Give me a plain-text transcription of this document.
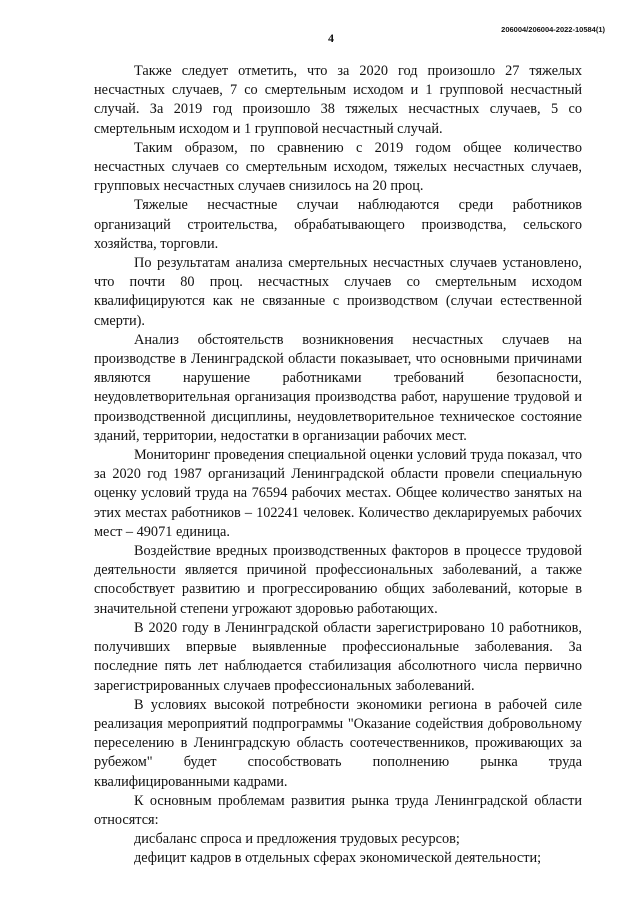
4
206004/206004-2022-10584(1)

Также следует отметить, что за 2020 год произошло 27 тяжелых несчастных случаев, 7 со смертельным исходом и 1 групповой несчастный случай. За 2019 год произошло 38 тяжелых несчастных случаев, 5 со смертельным исходом и 1 групповой несчастный случай.

Таким образом, по сравнению с 2019 годом общее количество несчастных случаев со смертельным исходом, тяжелых несчастных случаев, групповых несчастных случаев снизилось на 20 проц.

Тяжелые несчастные случаи наблюдаются среди работников организаций строительства, обрабатывающего производства, сельского хозяйства, торговли.

По результатам анализа смертельных несчастных случаев установлено, что почти 80 проц. несчастных случаев со смертельным исходом квалифицируются как не связанные с производством (случаи естественной смерти).

Анализ обстоятельств возникновения несчастных случаев на производстве в Ленинградской области показывает, что основными причинами являются нарушение работниками требований безопасности, неудовлетворительная организация производства работ, нарушение трудовой и производственной дисциплины, неудовлетворительное техническое состояние зданий, территории, недостатки в организации рабочих мест.

Мониторинг проведения специальной оценки условий труда показал, что за 2020 год 1987 организаций Ленинградской области провели специальную оценку условий труда на 76594 рабочих местах. Общее количество занятых на этих местах работников – 102241 человек. Количество декларируемых рабочих мест – 49071 единица.

Воздействие вредных производственных факторов в процессе трудовой деятельности является причиной профессиональных заболеваний, а также способствует развитию и прогрессированию общих заболеваний, которые в значительной степени угрожают здоровью работающих.

В 2020 году в Ленинградской области зарегистрировано 10 работников, получивших впервые выявленные профессиональные заболевания. За последние пять лет наблюдается стабилизация абсолютного числа первично зарегистрированных случаев профессиональных заболеваний.

В условиях высокой потребности экономики региона в рабочей силе реализация мероприятий подпрограммы "Оказание содействия добровольному переселению в Ленинградскую область соотечественников, проживающих за рубежом" будет способствовать пополнению рынка труда квалифицированными кадрами.

К основным проблемам развития рынка труда Ленинградской области относятся:

дисбаланс спроса и предложения трудовых ресурсов;

дефицит кадров в отдельных сферах экономической деятельности;
